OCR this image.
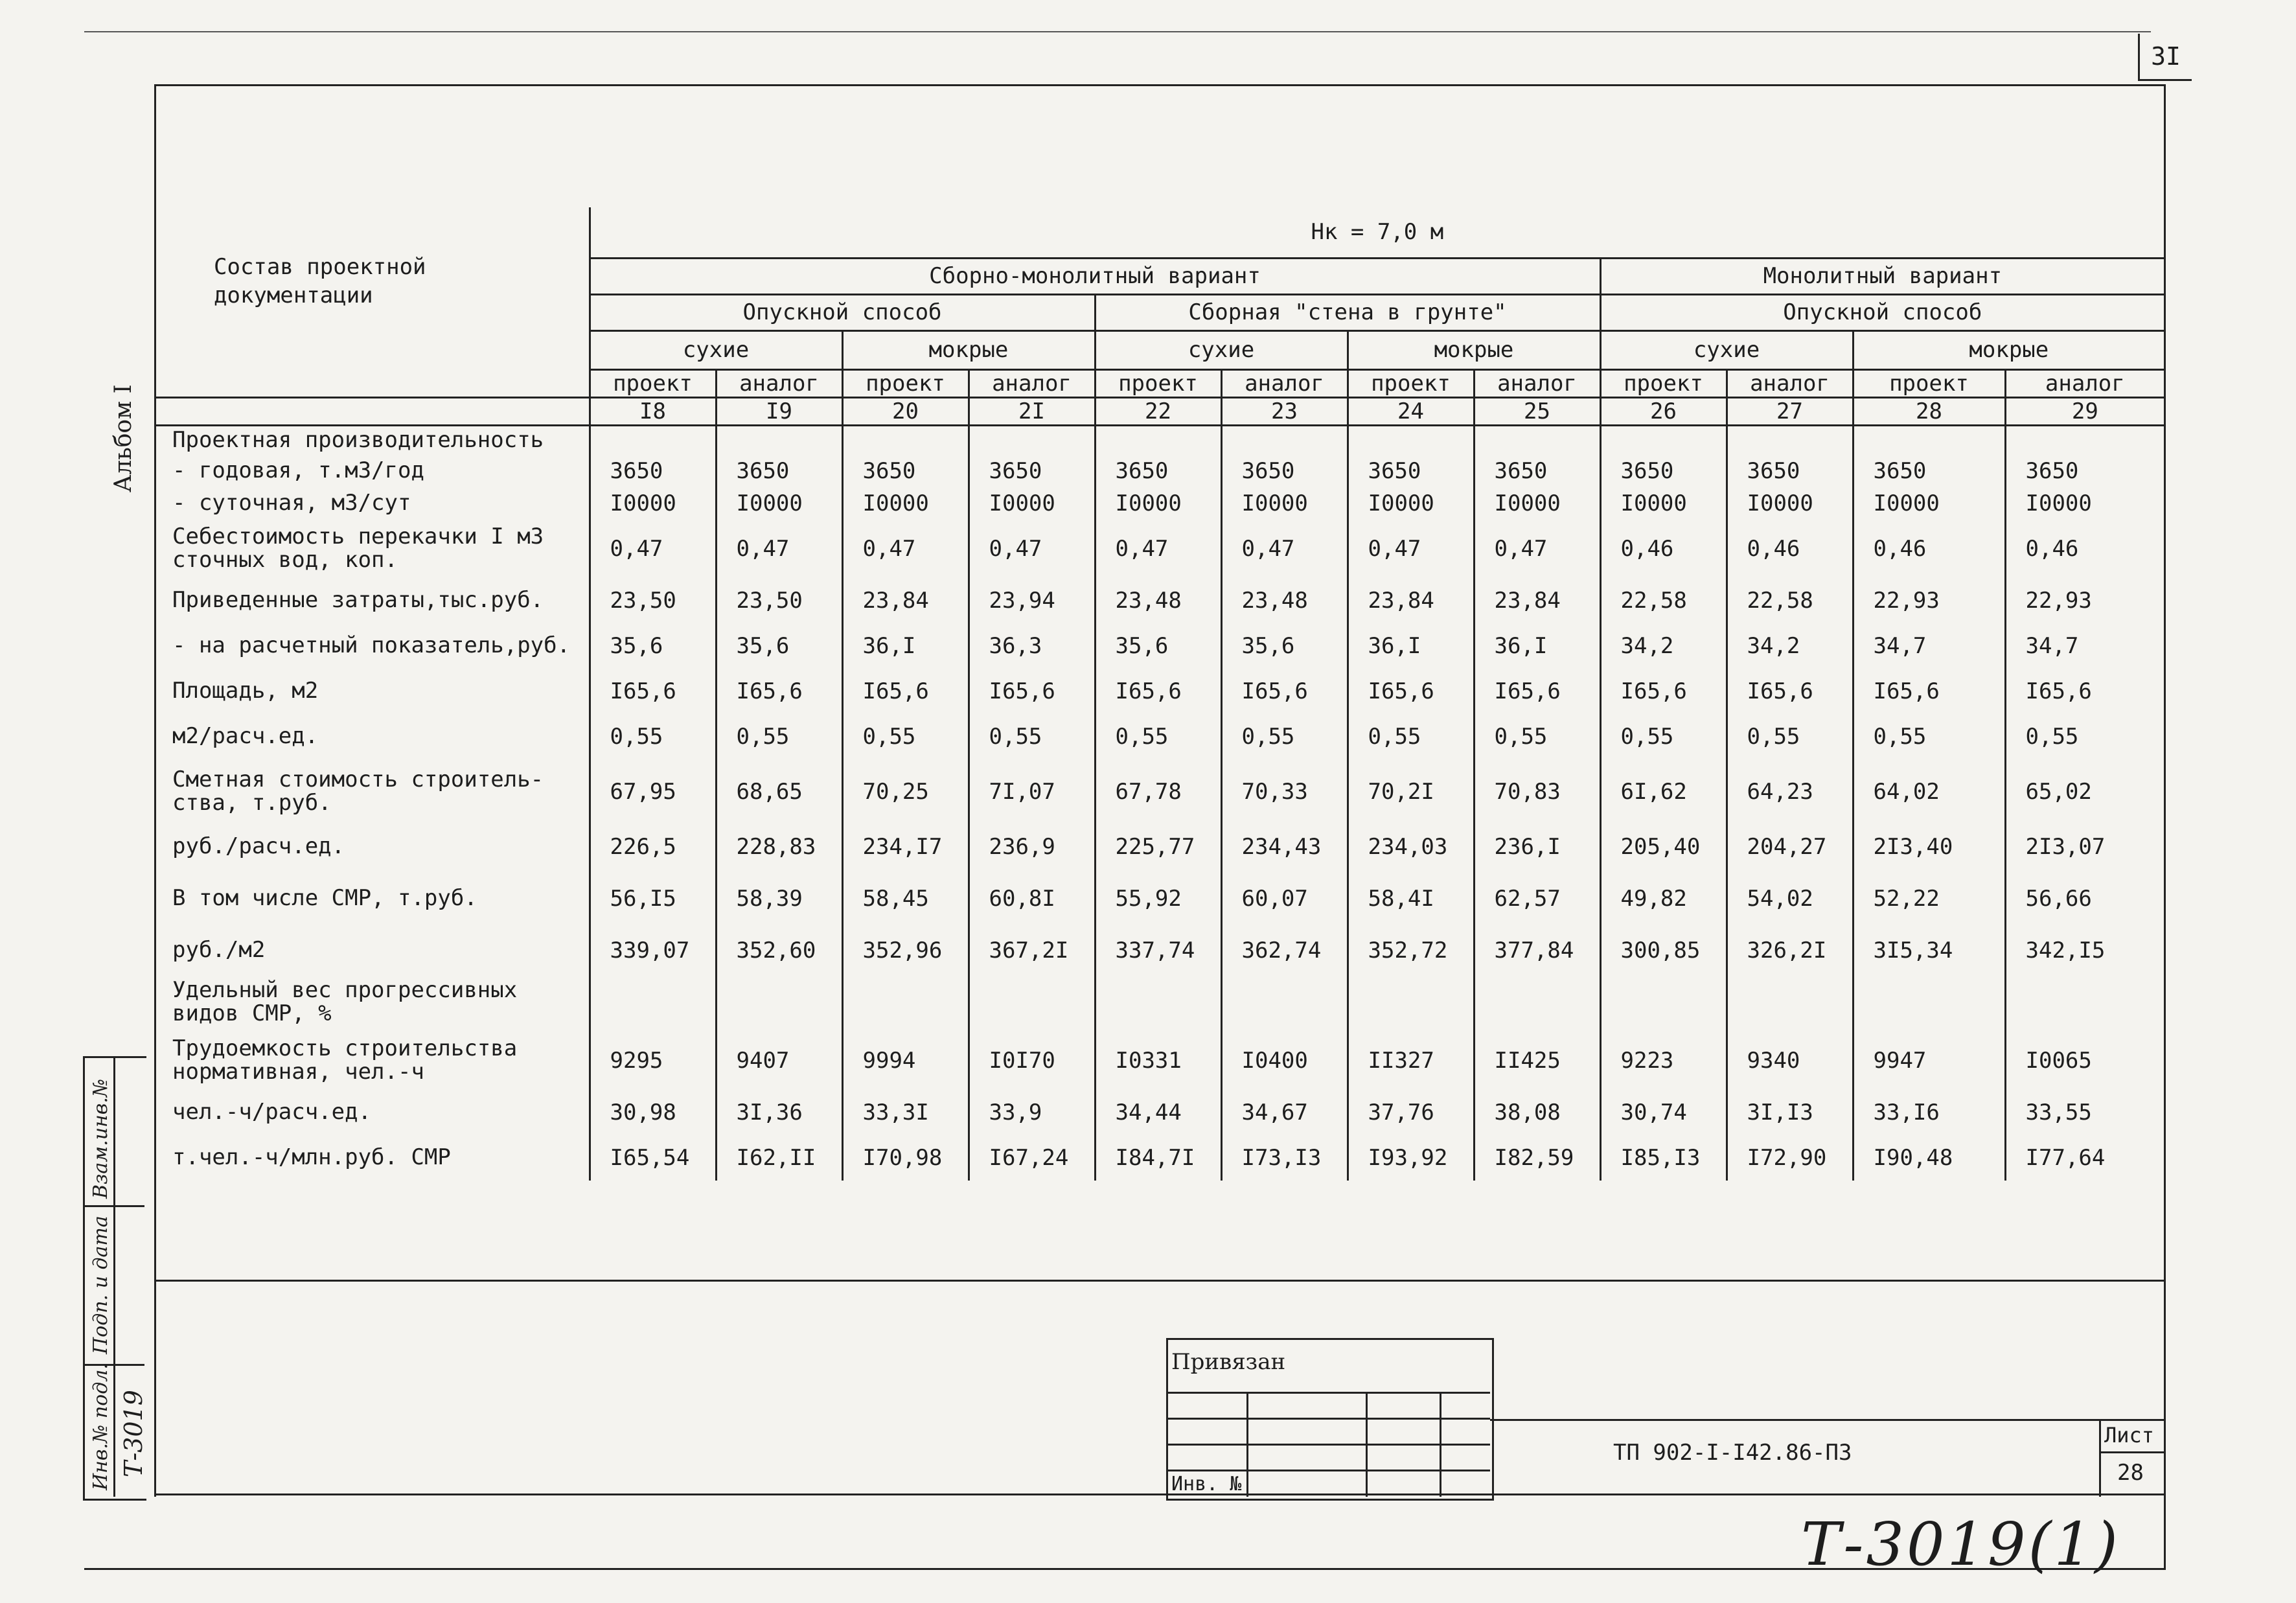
3I
Альбом I
Состав проектной документации	Нк = 7,0 м											
	Сборно-монолитный вариант								Монолитный вариант			
	Опускной способ				Сборная "стена в грунте"				Опускной способ			
	сухие		мокрые		сухие		мокрые		сухие		мокрые	
	проект	аналог	проект	аналог	проект	аналог	проект	аналог	проект	аналог	проект	аналог
	I8	I9	20	2I	22	23	24	25	26	27	28	29
Проектная производительность												
- годовая, т.м3/год	3650	3650	3650	3650	3650	3650	3650	3650	3650	3650	3650	3650
- суточная, м3/сут	I0000	I0000	I0000	I0000	I0000	I0000	I0000	I0000	I0000	I0000	I0000	I0000
Себестоимость перекачки I м3 сточных вод, коп.	0,47	0,47	0,47	0,47	0,47	0,47	0,47	0,47	0,46	0,46	0,46	0,46
Приведенные затраты,тыс.руб.	23,50	23,50	23,84	23,94	23,48	23,48	23,84	23,84	22,58	22,58	22,93	22,93
- на расчетный показатель,руб.	35,6	35,6	36,I	36,3	35,6	35,6	36,I	36,I	34,2	34,2	34,7	34,7
Площадь, м2	I65,6	I65,6	I65,6	I65,6	I65,6	I65,6	I65,6	I65,6	I65,6	I65,6	I65,6	I65,6
м2/расч.ед.	0,55	0,55	0,55	0,55	0,55	0,55	0,55	0,55	0,55	0,55	0,55	0,55
Сметная стоимость строитель- ства, т.руб.	67,95	68,65	70,25	7I,07	67,78	70,33	70,2I	70,83	6I,62	64,23	64,02	65,02
руб./расч.ед.	226,5	228,83	234,I7	236,9	225,77	234,43	234,03	236,I	205,40	204,27	2I3,40	2I3,07
В том числе СМР, т.руб.	56,I5	58,39	58,45	60,8I	55,92	60,07	58,4I	62,57	49,82	54,02	52,22	56,66
руб./м2	339,07	352,60	352,96	367,2I	337,74	362,74	352,72	377,84	300,85	326,2I	3I5,34	342,I5
Удельный вес прогрессивных видов СМР, %												
Трудоемкость строительства нормативная, чел.-ч	9295	9407	9994	I0I70	I0331	I0400	II327	II425	9223	9340	9947	I0065
чел.-ч/расч.ед.	30,98	3I,36	33,3I	33,9	34,44	34,67	37,76	38,08	30,74	3I,I3	33,I6	33,55
т.чел.-ч/млн.руб. СМР	I65,54	I62,II	I70,98	I67,24	I84,7I	I73,I3	I93,92	I82,59	I85,I3	I72,90	I90,48	I77,64
Инв.№ подл.
Подп. и дата
Взам.инв.№
Т-3019
Привязан
Инв. №
ТП 902-I-I42.86-ПЗ
Лист
28
Т-3019(1)
